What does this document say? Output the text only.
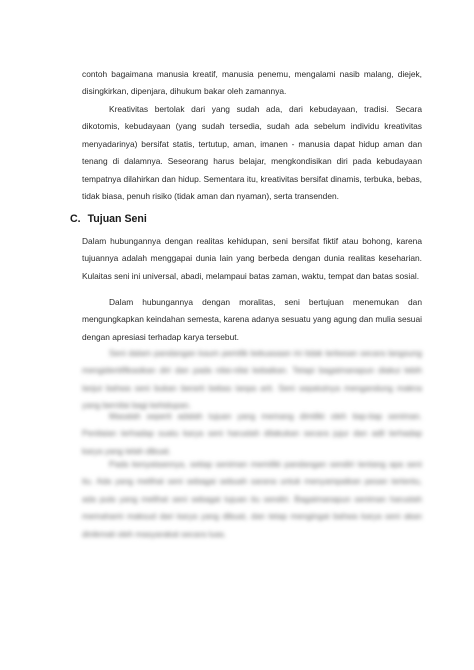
contoh bagaimana manusia kreatif, manusia penemu, mengalami nasib malang, diejek, disingkirkan, dipenjara, dihukum bakar oleh zamannya.

Kreativitas bertolak dari yang sudah ada, dari kebudayaan, tradisi. Secara dikotomis, kebudayaan (yang sudah tersedia, sudah ada sebelum individu kreativitas menyadarinya) bersifat statis, tertutup, aman, imanen - manusia dapat hidup aman dan tenang di dalamnya. Seseorang harus belajar, mengkondisikan diri pada kebudayaan tempatnya dilahirkan dan hidup. Sementara itu, kreativitas bersifat dinamis, terbuka, bebas, tidak biasa, penuh risiko (tidak aman dan nyaman), serta transenden.

C. Tujuan Seni

Dalam hubungannya dengan realitas kehidupan, seni bersifat fiktif atau bohong, karena tujuannya adalah menggapai dunia lain yang berbeda dengan dunia realitas keseharian. Kulaitas seni ini universal, abadi, melampaui batas zaman, waktu, tempat dan batas sosial.

Dalam hubungannya dengan moralitas, seni bertujuan menemukan dan mengungkapkan keindahan semesta, karena adanya sesuatu yang agung dan mulia sesuai dengan apresiasi terhadap karya tersebut.

Seni dalam pandangan kaum pemilik kekuasaan ini tidak terkesan secara langsung mengidentifikasikan diri dan pada nilai-nilai kebaikan. Tetapi bagaimanapun diakui lebih lanjut bahwa seni bukan berarti bebas tanpa arti. Seni sepatutnya mengandung makna yang bernilai bagi kehidupan.

Masalah seperti adalah tujuan yang memang dimiliki oleh tiap-tiap seniman. Penilaian terhadap suatu karya seni haruslah dilakukan secara jujur dan adil terhadap karya yang telah dibuat.

Pada kenyataannya, setiap seniman memiliki pandangan sendiri tentang apa seni itu. Ada yang melihat seni sebagai sebuah sarana untuk menyampaikan pesan tertentu, ada pula yang melihat seni sebagai tujuan itu sendiri. Bagaimanapun seniman haruslah memahami maksud dari karya yang dibuat, dan tetap mengingat bahwa karya seni akan dinikmati oleh masyarakat secara luas.
